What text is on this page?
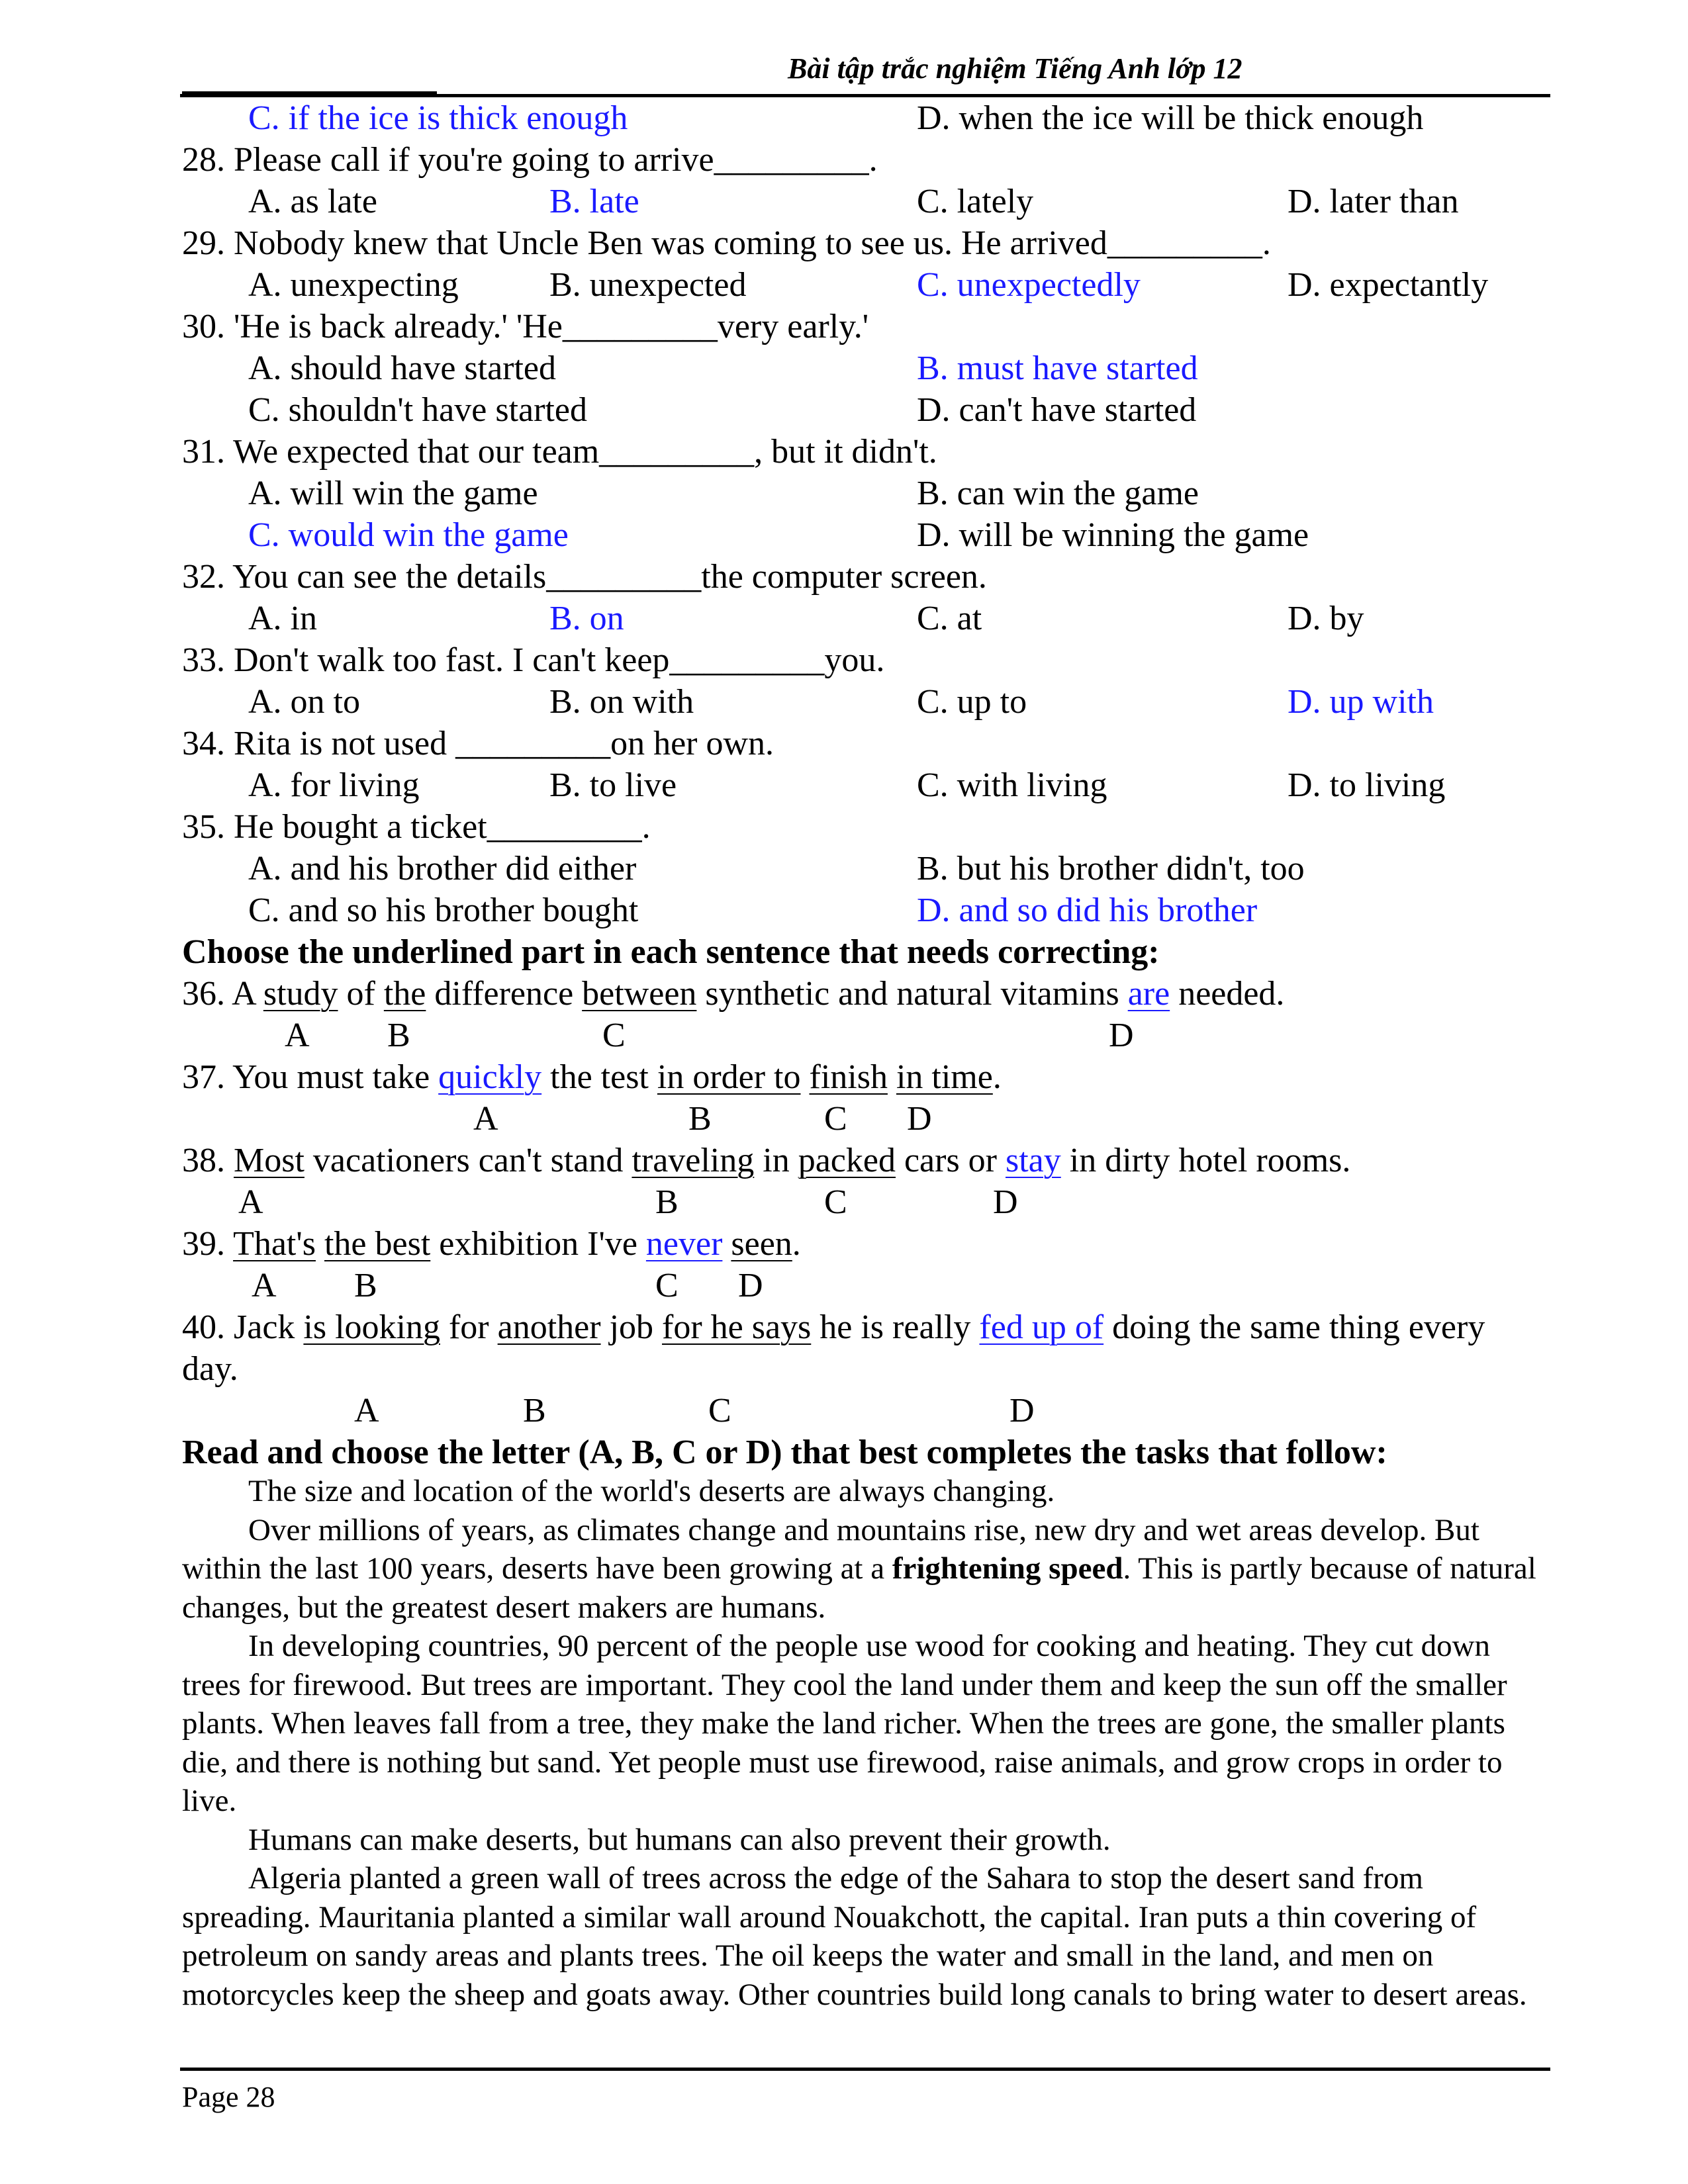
Bài tập trắc nghiệm Tiếng Anh lớp 12
C. if the ice is thick enough	D. when the ice will be thick enough
28. Please call if you're going to arrive_________.
A. as late	B. late	C. lately	D. later than
29. Nobody knew that Uncle Ben was coming to see us. He arrived_________.
A. unexpecting	B. unexpected	C. unexpectedly	D. expectantly
30. 'He is back already.' 'He_________very early.'
A. should have started	B. must have started
C. shouldn't have started	D. can't have started
31. We expected that our team_________, but it didn't.
A. will win the game	B. can win the game
C. would win the game	D. will be winning the game
32. You can see the details_________the computer screen.
A. in	B. on	C. at	D. by
33. Don't walk too fast. I can't keep_________you.
A. on to	B. on with	C. up to	D. up with
34. Rita is not used _________on her own.
A. for living	B. to live	C. with living	D. to living
35. He bought a ticket_________.
A. and his brother did either	B. but his brother didn't, too
C. and so his brother bought	D. and so did his brother
Choose the underlined part in each sentence that needs correcting:
36. A study of the difference between synthetic and natural vitamins are needed.
A B	C	D
37. You must take quickly the test in order to finish in time.
A	B	C D
38. Most vacationers can't stand traveling in packed cars or stay in dirty hotel rooms.
A	B	C	D
39. That's the best exhibition I've never seen.
A B	C D
40. Jack is looking for another job for he says he is really fed up of doing the same thing every
day.
A	B	C	D
Read and choose the letter (A, B, C or D) that best completes the tasks that follow:
The size and location of the world's deserts are always changing.
Over millions of years, as climates change and mountains rise, new dry and wet areas develop. But within the last 100 years, deserts have been growing at a frightening speed. This is partly because of natural changes, but the greatest desert makers are humans.
In developing countries, 90 percent of the people use wood for cooking and heating. They cut down trees for firewood. But trees are important. They cool the land under them and keep the sun off the smaller plants. When leaves fall from a tree, they make the land richer. When the trees are gone, the smaller plants die, and there is nothing but sand. Yet people must use firewood, raise animals, and grow crops in order to live.
Humans can make deserts, but humans can also prevent their growth.
Algeria planted a green wall of trees across the edge of the Sahara to stop the desert sand from spreading. Mauritania planted a similar wall around Nouakchott, the capital. Iran puts a thin covering of petroleum on sandy areas and plants trees. The oil keeps the water and small in the land, and men on motorcycles keep the sheep and goats away. Other countries build long canals to bring water to desert areas.
Page 28
